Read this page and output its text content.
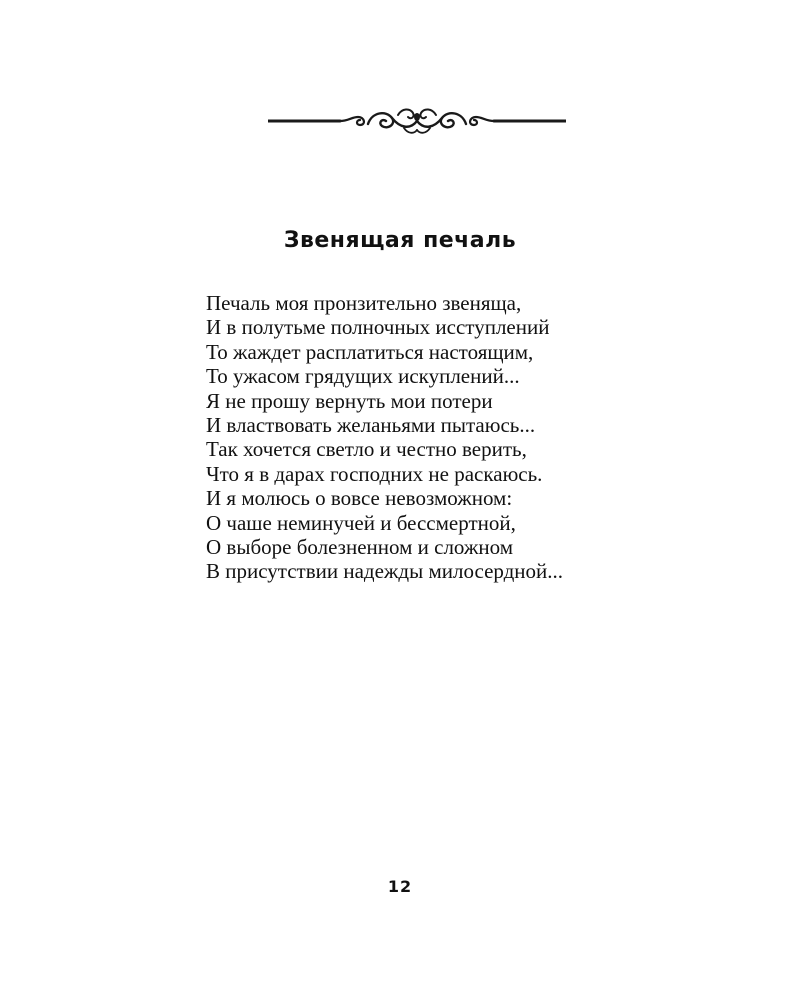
Звенящая печаль
Печаль моя пронзительно звеняща,
И в полутьме полночных исступлений
То жаждет расплатиться настоящим,
То ужасом грядущих искуплений...
Я не прошу вернуть мои потери
И властвовать желаньями пытаюсь...
Так хочется светло и честно верить,
Что я в дарах господних не раскаюсь.
И я молюсь о вовсе невозможном:
О чаше неминучей и бессмертной,
О выборе болезненном и сложном
В присутствии надежды милосердной...
12
